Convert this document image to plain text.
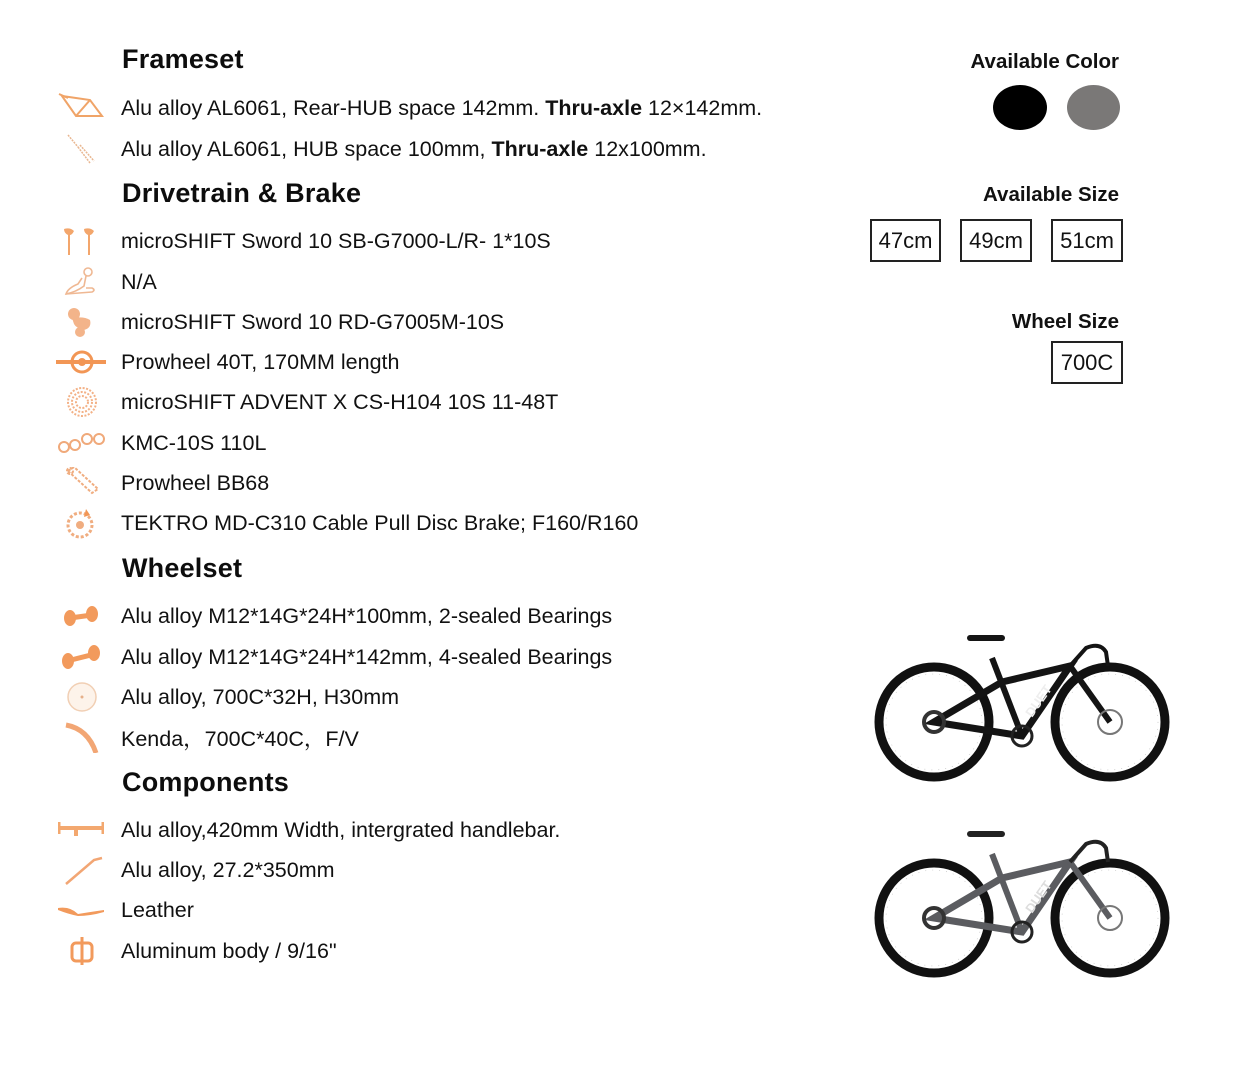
Frameset
Alu alloy AL6061, Rear-HUB space 142mm. Thru-axle 12×142mm.
Alu alloy AL6061, HUB space 100mm, Thru-axle 12x100mm.
Drivetrain & Brake
microSHIFT Sword 10 SB-G7000-L/R- 1*10S
N/A
microSHIFT Sword 10 RD-G7005M-10S
Prowheel 40T, 170MM length
microSHIFT ADVENT X CS-H104 10S 11-48T
KMC-10S 110L
Prowheel BB68
TEKTRO MD-C310 Cable Pull Disc Brake; F160/R160
Wheelset
Alu alloy M12*14G*24H*100mm, 2-sealed Bearings
Alu alloy M12*14G*24H*142mm, 4-sealed Bearings
Alu alloy, 700C*32H, H30mm
Kenda，700C*40C，F/V
Components
Alu alloy,420mm Width, intergrated handlebar.
Alu alloy, 27.2*350mm
Leather
Aluminum body / 9/16"
Available Color
Available Size
47cm	49cm	51cm
Wheel Size
700C
DUET
DUET
